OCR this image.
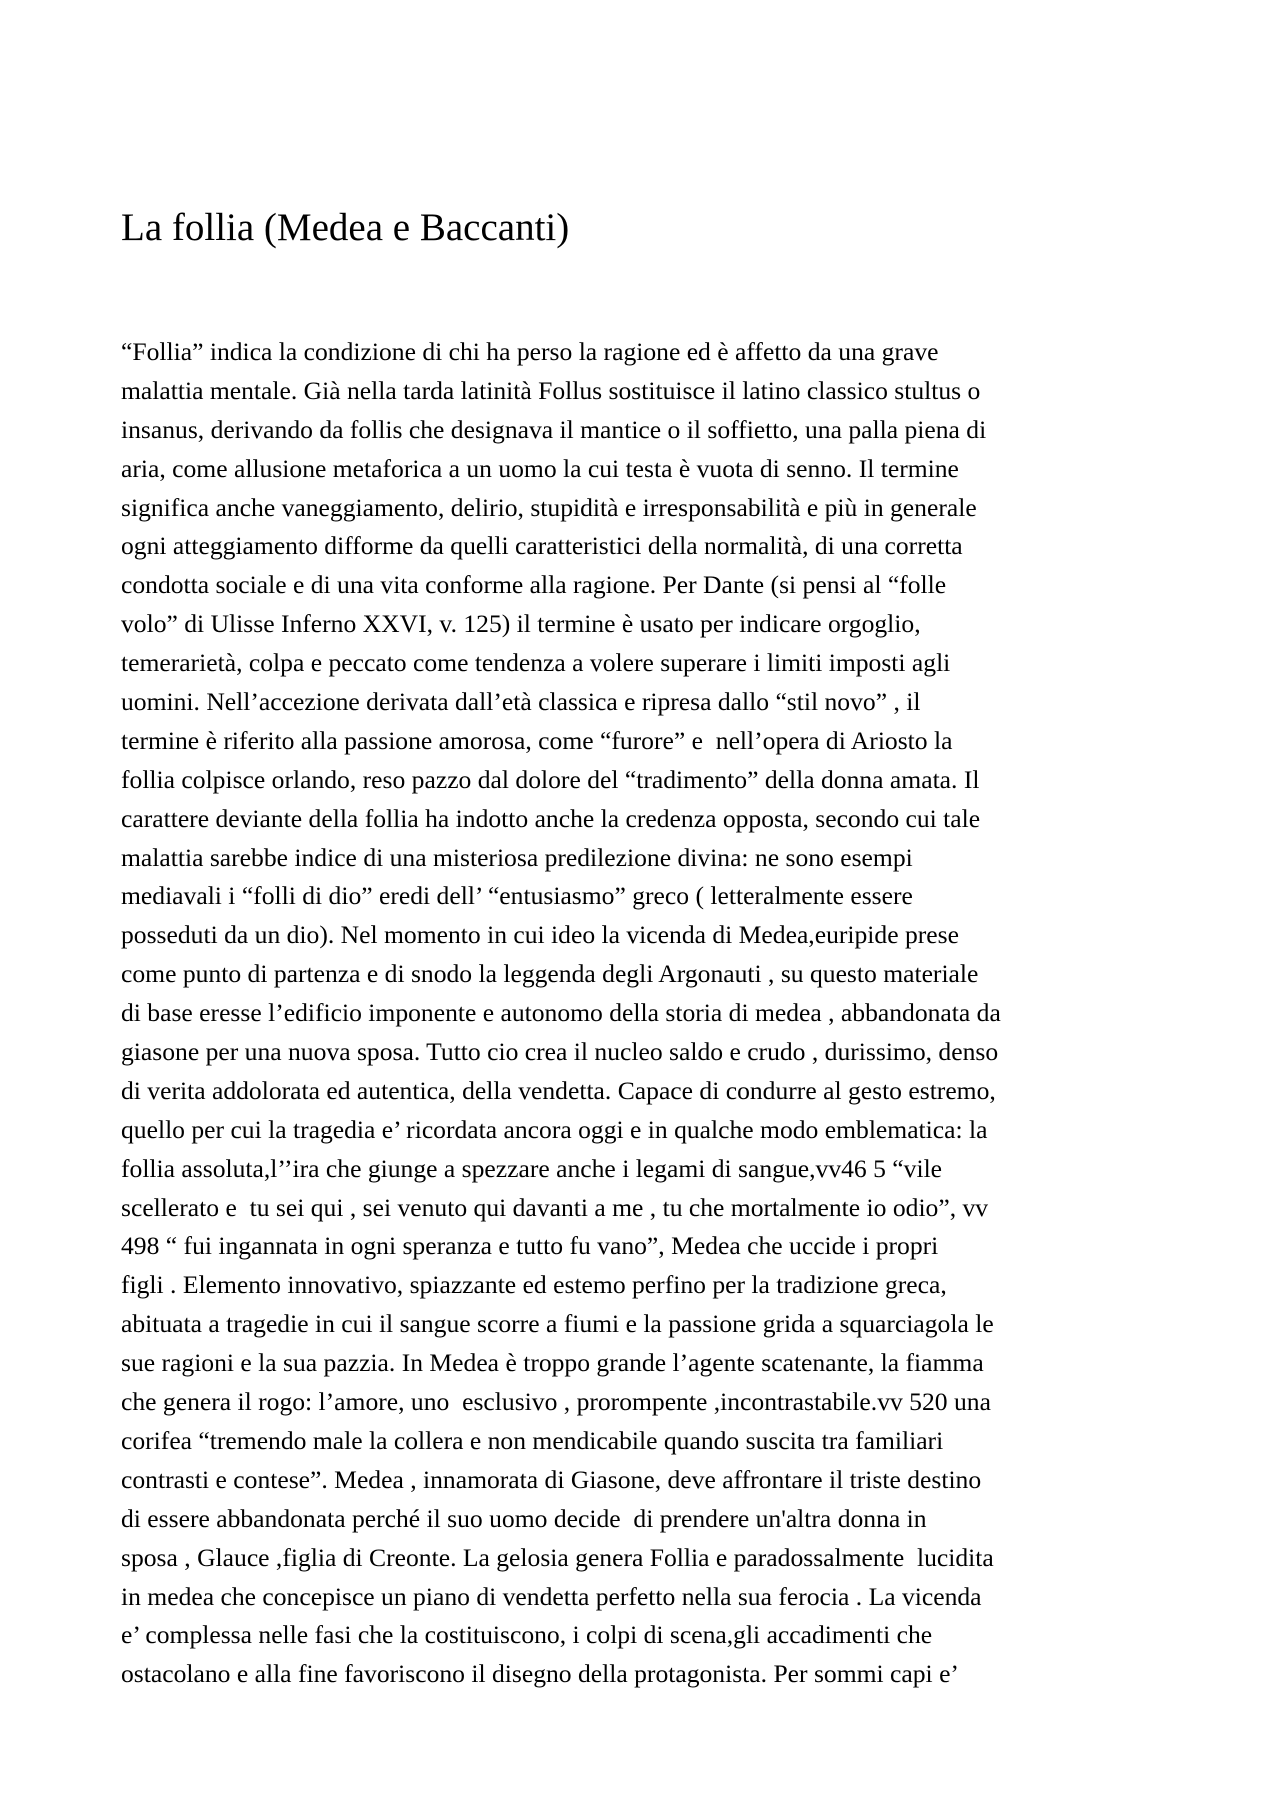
La follia (Medea e Baccanti)
“Follia” indica la condizione di chi ha perso la ragione ed è affetto da una grave
malattia mentale. Già nella tarda latinità Follus sostituisce il latino classico stultus o
insanus, derivando da follis che designava il mantice o il soffietto, una palla piena di
aria, come allusione metaforica a un uomo la cui testa è vuota di senno. Il termine
significa anche vaneggiamento, delirio, stupidità e irresponsabilità e più in generale
ogni atteggiamento difforme da quelli caratteristici della normalità, di una corretta
condotta sociale e di una vita conforme alla ragione. Per Dante (si pensi al “folle
volo” di Ulisse Inferno XXVI, v. 125) il termine è usato per indicare orgoglio,
temerarietà, colpa e peccato come tendenza a volere superare i limiti imposti agli
uomini. Nell’accezione derivata dall’età classica e ripresa dallo “stil novo” , il
termine è riferito alla passione amorosa, come “furore” e  nell’opera di Ariosto la
follia colpisce orlando, reso pazzo dal dolore del “tradimento” della donna amata. Il
carattere deviante della follia ha indotto anche la credenza opposta, secondo cui tale
malattia sarebbe indice di una misteriosa predilezione divina: ne sono esempi
mediavali i “folli di dio” eredi dell’ “entusiasmo” greco ( letteralmente essere
posseduti da un dio). Nel momento in cui ideo la vicenda di Medea,euripide prese
come punto di partenza e di snodo la leggenda degli Argonauti , su questo materiale
di base eresse l’edificio imponente e autonomo della storia di medea , abbandonata da
giasone per una nuova sposa. Tutto cio crea il nucleo saldo e crudo , durissimo, denso
di verita addolorata ed autentica, della vendetta. Capace di condurre al gesto estremo,
quello per cui la tragedia e’ ricordata ancora oggi e in qualche modo emblematica: la
follia assoluta,l’’ira che giunge a spezzare anche i legami di sangue,vv46 5 “vile
scellerato e  tu sei qui , sei venuto qui davanti a me , tu che mortalmente io odio”, vv
498 “ fui ingannata in ogni speranza e tutto fu vano”, Medea che uccide i propri
figli . Elemento innovativo, spiazzante ed estemo perfino per la tradizione greca,
abituata a tragedie in cui il sangue scorre a fiumi e la passione grida a squarciagola le
sue ragioni e la sua pazzia. In Medea è troppo grande l’agente scatenante, la fiamma
che genera il rogo: l’amore, uno  esclusivo , prorompente ,incontrastabile.vv 520 una
corifea “tremendo male la collera e non mendicabile quando suscita tra familiari
contrasti e contese”. Medea , innamorata di Giasone, deve affrontare il triste destino
di essere abbandonata perché il suo uomo decide  di prendere un'altra donna in
sposa , Glauce ,figlia di Creonte. La gelosia genera Follia e paradossalmente  lucidita
in medea che concepisce un piano di vendetta perfetto nella sua ferocia . La vicenda
e’ complessa nelle fasi che la costituiscono, i colpi di scena,gli accadimenti che
ostacolano e alla fine favoriscono il disegno della protagonista. Per sommi capi e’
